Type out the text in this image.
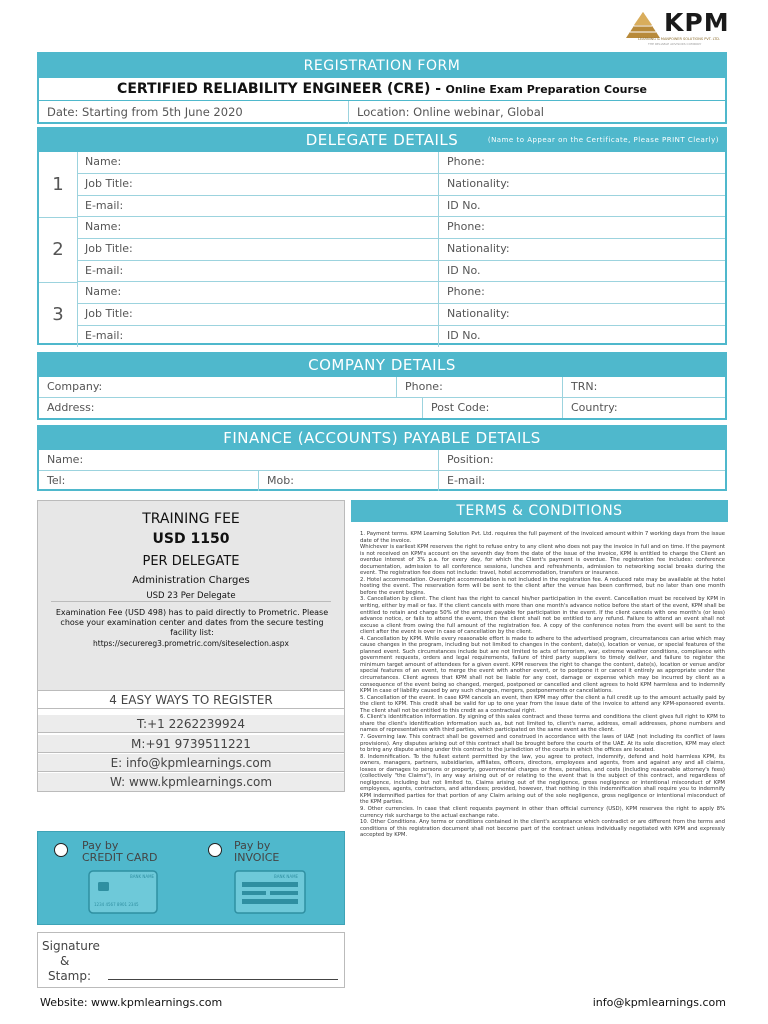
KPM
LEARNING & MANPOWER SOLUTIONS PVT. LTD.
THE RELIABLE ADVISORS COMPANY
REGISTRATION FORM
CERTIFIED RELIABILITY ENGINEER (CRE) - Online Exam Preparation Course
Date: Starting from 5th June 2020	Location: Online webinar, Global
DELEGATE DETAILS	(Name to Appear on the Certificate, Please PRINT Clearly)
1
Name:	Phone:
Job Title:	Nationality:
E-mail:	ID No.
2
Name:	Phone:
Job Title:	Nationality:
E-mail:	ID No.
3
Name:	Phone:
Job Title:	Nationality:
E-mail:	ID No.
COMPANY DETAILS
Company:	Phone:	TRN:
Address:	Post Code:	Country:
FINANCE (ACCOUNTS) PAYABLE DETAILS
Name:	Position:
Tel:	Mob:	E-mail:
TRAINING FEE
USD 1150
PER DELEGATE
Administration Charges
USD 23 Per Delegate
Examination Fee (USD 498) has to paid directly to Prometric. Please chose your examination center and dates from the secure testing facility list:
https://securereg3.prometric.com/siteselection.aspx
4 EASY WAYS TO REGISTER
T:+1 2262239924
M:+91 9739511221
E: info@kpmlearnings.com
W: www.kpmlearnings.com
Pay by
CREDIT CARD
BANK NAME
1234 4567 8901 2345
Pay by
INVOICE
BANK NAME
Signature
&
Stamp:
TERMS & CONDITIONS
1. Payment terms. KPM Learning Solution Pvt. Ltd. requires the full payment of the invoiced amount within 7 working days from the issue date of the invoice.
Whichever is earliest KPM reserves the right to refuse entry to any client who does not pay the invoice in full and on time. If the payment is not received on KPM's account on the seventh day from the date of the issue of the invoice, KPM is entitled to charge the Client an overdue interest of 3% p.a. for every day, for which the Client's payment is overdue. The registration fee includes: conference documentation, admission to all conference sessions, lunches and refreshments, admission to networking social breaks during the event. The registration fee does not include: travel, hotel accommodation, transfers or insurance.
2. Hotel accommodation. Overnight accommodation is not included in the registration fee. A reduced rate may be available at the hotel hosting the event. The reservation form will be sent to the client after the venue has been confirmed, but no later than one month before the event begins.
3. Cancellation by client. The client has the right to cancel his/her participation in the event. Cancellation must be received by KPM in writing, either by mail or fax. If the client cancels with more than one month's advance notice before the start of the event, KPM shall be entitled to retain and charge 50% of the amount payable for participation in the event. If the client cancels with one month's (or less) advance notice, or fails to attend the event, then the client shall not be entitled to any refund. Failure to attend an event shall not excuse a client from owing the full amount of the registration fee. A copy of the conference notes from the event will be sent to the client after the event is over in case of cancellation by the client.
4. Cancellation by KPM. While every reasonable effort is made to adhere to the advertised program, circumstances can arise which may cause changes in the program, including but not limited to changes in the content, date(s), location or venue, or special features of the planned event. Such circumstances include but are not limited to acts of terrorism, war, extreme weather conditions, compliance with government requests, orders and legal requirements, failure of third party suppliers to timely deliver, and failure to register the minimum target amount of attendees for a given event. KPM reserves the right to change the content, date(s), location or venue and/or special features of an event, to merge the event with another event, or to postpone it or cancel it entirely as appropriate under the circumstances. Client agrees that KPM shall not be liable for any cost, damage or expense which may be incurred by client as a consequence of the event being so changed, merged, postponed or cancelled and client agrees to hold KPM harmless and to indemnify KPM in case of liability caused by any such changes, mergers, postponements or cancellations.
5. Cancellation of the event. In case KPM cancels an event, then KPM may offer the client a full credit up to the amount actually paid by the client to KPM. This credit shall be valid for up to one year from the issue date of the invoice to attend any KPM-sponsored events. The client shall not be entitled to this credit as a contractual right.
6. Client's identification information. By signing of this sales contract and these terms and conditions the client gives full right to KPM to share the client's identification information such as, but not limited to, client's name, address, email addresses, phone numbers and names of representatives with third parties, which participated on the same event as the client.
7. Governing law. This contract shall be governed and construed in accordance with the laws of UAE (not including its conflict of laws provisions). Any disputes arising out of this contract shall be brought before the courts of the UAE. At its sole discretion, KPM may elect to bring any dispute arising under this contract to the jurisdiction of the courts in which the offices are located.
8. Indemnification. To the fullest extent permitted by the law, you agree to protect, indemnify, defend and hold harmless KPM, its owners, managers, partners, subsidiaries, affiliates, officers, directors, employees and agents, from and against any and all claims, losses or damages to persons or property, governmental charges or fines, penalties, and costs (including reasonable attorney's fees) (collectively "the Claims"), in any way arising out of or relating to the event that is the subject of this contract, and regardless of negligence, including but not limited to, Claims arising out of the negligence, gross negligence or intentional misconduct of KPM employees, agents, contractors, and attendees; provided, however, that nothing in this indemnification shall require you to indemnify KPM indemnified parties for that portion of any Claim arising out of the sole negligence, gross negligence or intentional misconduct of the KPM parties.
9. Other currencies. In case that client requests payment in other than official currency (USD), KPM reserves the right to apply 8% currency risk surcharge to the actual exchange rate.
10. Other Conditions. Any terms or conditions contained in the client's acceptance which contradict or are different from the terms and conditions of this registration document shall not become part of the contract unless individually negotiated with KPM and expressly accepted by KPM.
Website: www.kpmlearnings.com	info@kpmlearnings.com
